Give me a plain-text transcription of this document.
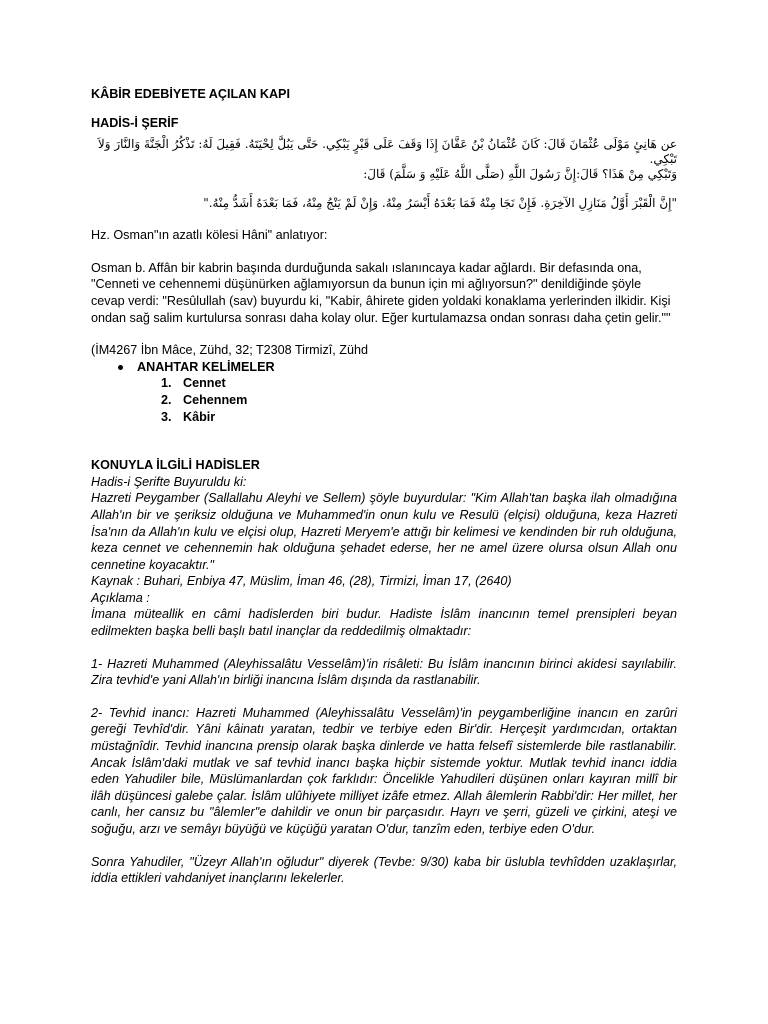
KÂBİR EDEBİYETE AÇILAN KAPI

HADİS-İ ŞERİF

عن هَانِئٍ مَوْلَى عُثْمَانَ قَالَ: كَانَ عُثْمَانُ بْنُ عَفَّانَ إِذَا وَقَفَ عَلَى قَبْرٍ يَبْكِي. حَتَّى يَبُلَّ لِحْيَتَهُ. فَقِيلَ لَهُ: تَذْكُرُ الْجَنَّةَ وَالنَّارَ وَلاَ تَبْكِي.

وَتَبْكِي مِنْ هَذَا؟ قَالَ:إِنَّ رَسُولَ اللَّهِ (صَلَّى اللَّهُ عَلَيْهِ وَ سَلَّمَ) قَالَ:

"إِنَّ الْقَبْرَ أَوَّلُ مَنَازِلِ الآخِرَةِ. فَإِنْ نَجَا مِنْهُ فَمَا بَعْدَهُ أَيْسَرُ مِنْهُ. وَإِنْ لَمْ يَنْجُ مِنْهُ، فَمَا بَعْدَهُ أَشَدُّ مِنْهُ."

Hz. Osman"ın azatlı kölesi Hâni" anlatıyor:

Osman b. Affân bir kabrin başında durduğunda sakalı ıslanıncaya kadar ağlardı. Bir defasında ona, "Cenneti ve cehennemi düşünürken ağlamıyorsun da bunun için mi ağlıyorsun?" denildiğinde şöyle cevap verdi: "Resûlullah (sav) buyurdu ki, "Kabir, âhirete giden yoldaki konaklama yerlerinden ilkidir. Kişi ondan sağ salim kurtulursa sonrası daha kolay olur. Eğer kurtulamazsa ondan sonrası daha çetin gelir.""

(İM4267 İbn Mâce, Zühd, 32; T2308 Tirmizî, Zühd

ANAHTAR KELİMELER
1. Cennet
2. Cehennem
3. Kâbir

KONUYLA İLGİLİ HADİSLER

Hadis-i Şerifte Buyuruldu ki:

Hazreti Peygamber (Sallallahu Aleyhi ve Sellem) şöyle buyurdular: "Kim Allah'tan başka ilah olmadığına Allah'ın bir ve şeriksiz olduğuna ve Muhammed'in onun kulu ve Resulü (elçisi) olduğuna, keza Hazreti İsa'nın da Allah'ın kulu ve elçisi olup, Hazreti Meryem'e attığı bir kelimesi ve kendinden bir ruh olduğuna, keza cennet ve cehennemin hak olduğuna şehadet ederse, her ne amel üzere olursa olsun Allah onu cennetine koyacaktır."

Kaynak : Buhari, Enbiya 47, Müslim, İman 46, (28), Tirmizi, İman 17, (2640)

Açıklama :

İmana müteallik en câmi hadislerden biri budur. Hadiste İslâm inancının temel prensipleri beyan edilmekten başka belli başlı batıl inançlar da reddedilmiş olmaktadır:

1- Hazreti Muhammed (Aleyhissalâtu Vesselâm)'in risâleti: Bu İslâm inancının birinci akidesi sayılabilir. Zira tevhid'e yani Allah'ın birliği inancına İslâm dışında da rastlanabilir.

2- Tevhid inancı: Hazreti Muhammed (Aleyhissalâtu Vesselâm)'in peygamberliğine inancın en zarûri gereği Tevhîd'dir. Yâni kâinatı yaratan, tedbir ve terbiye eden Bir'dir. Herçeşit yardımcıdan, ortaktan müstağnîdir. Tevhid inancına prensip olarak başka dinlerde ve hatta felsefî sistemlerde bile rastlanabilir. Ancak İslâm'daki mutlak ve saf tevhid inancı başka hiçbir sistemde yoktur. Mutlak tevhid inancı iddia eden Yahudiler bile, Müslümanlardan çok farklıdır: Öncelikle Yahudileri düşünen onları kayıran millî bir ilâh düşüncesi galebe çalar. İslâm ulûhiyete milliyet izâfe etmez. Allah âlemlerin Rabbi'dir: Her millet, her canlı, her cansız bu "âlemler"e dahildir ve onun bir parçasıdır. Hayrı ve şerri, güzeli ve çirkini, ateşi ve soğuğu, arzı ve semâyı büyüğü ve küçüğü yaratan O'dur, tanzîm eden, terbiye eden O'dur.

Sonra Yahudiler, "Üzeyr Allah'ın oğludur" diyerek (Tevbe: 9/30) kaba bir üslubla tevhîdden uzaklaşırlar, iddia ettikleri vahdaniyet inançlarını lekelerler.
